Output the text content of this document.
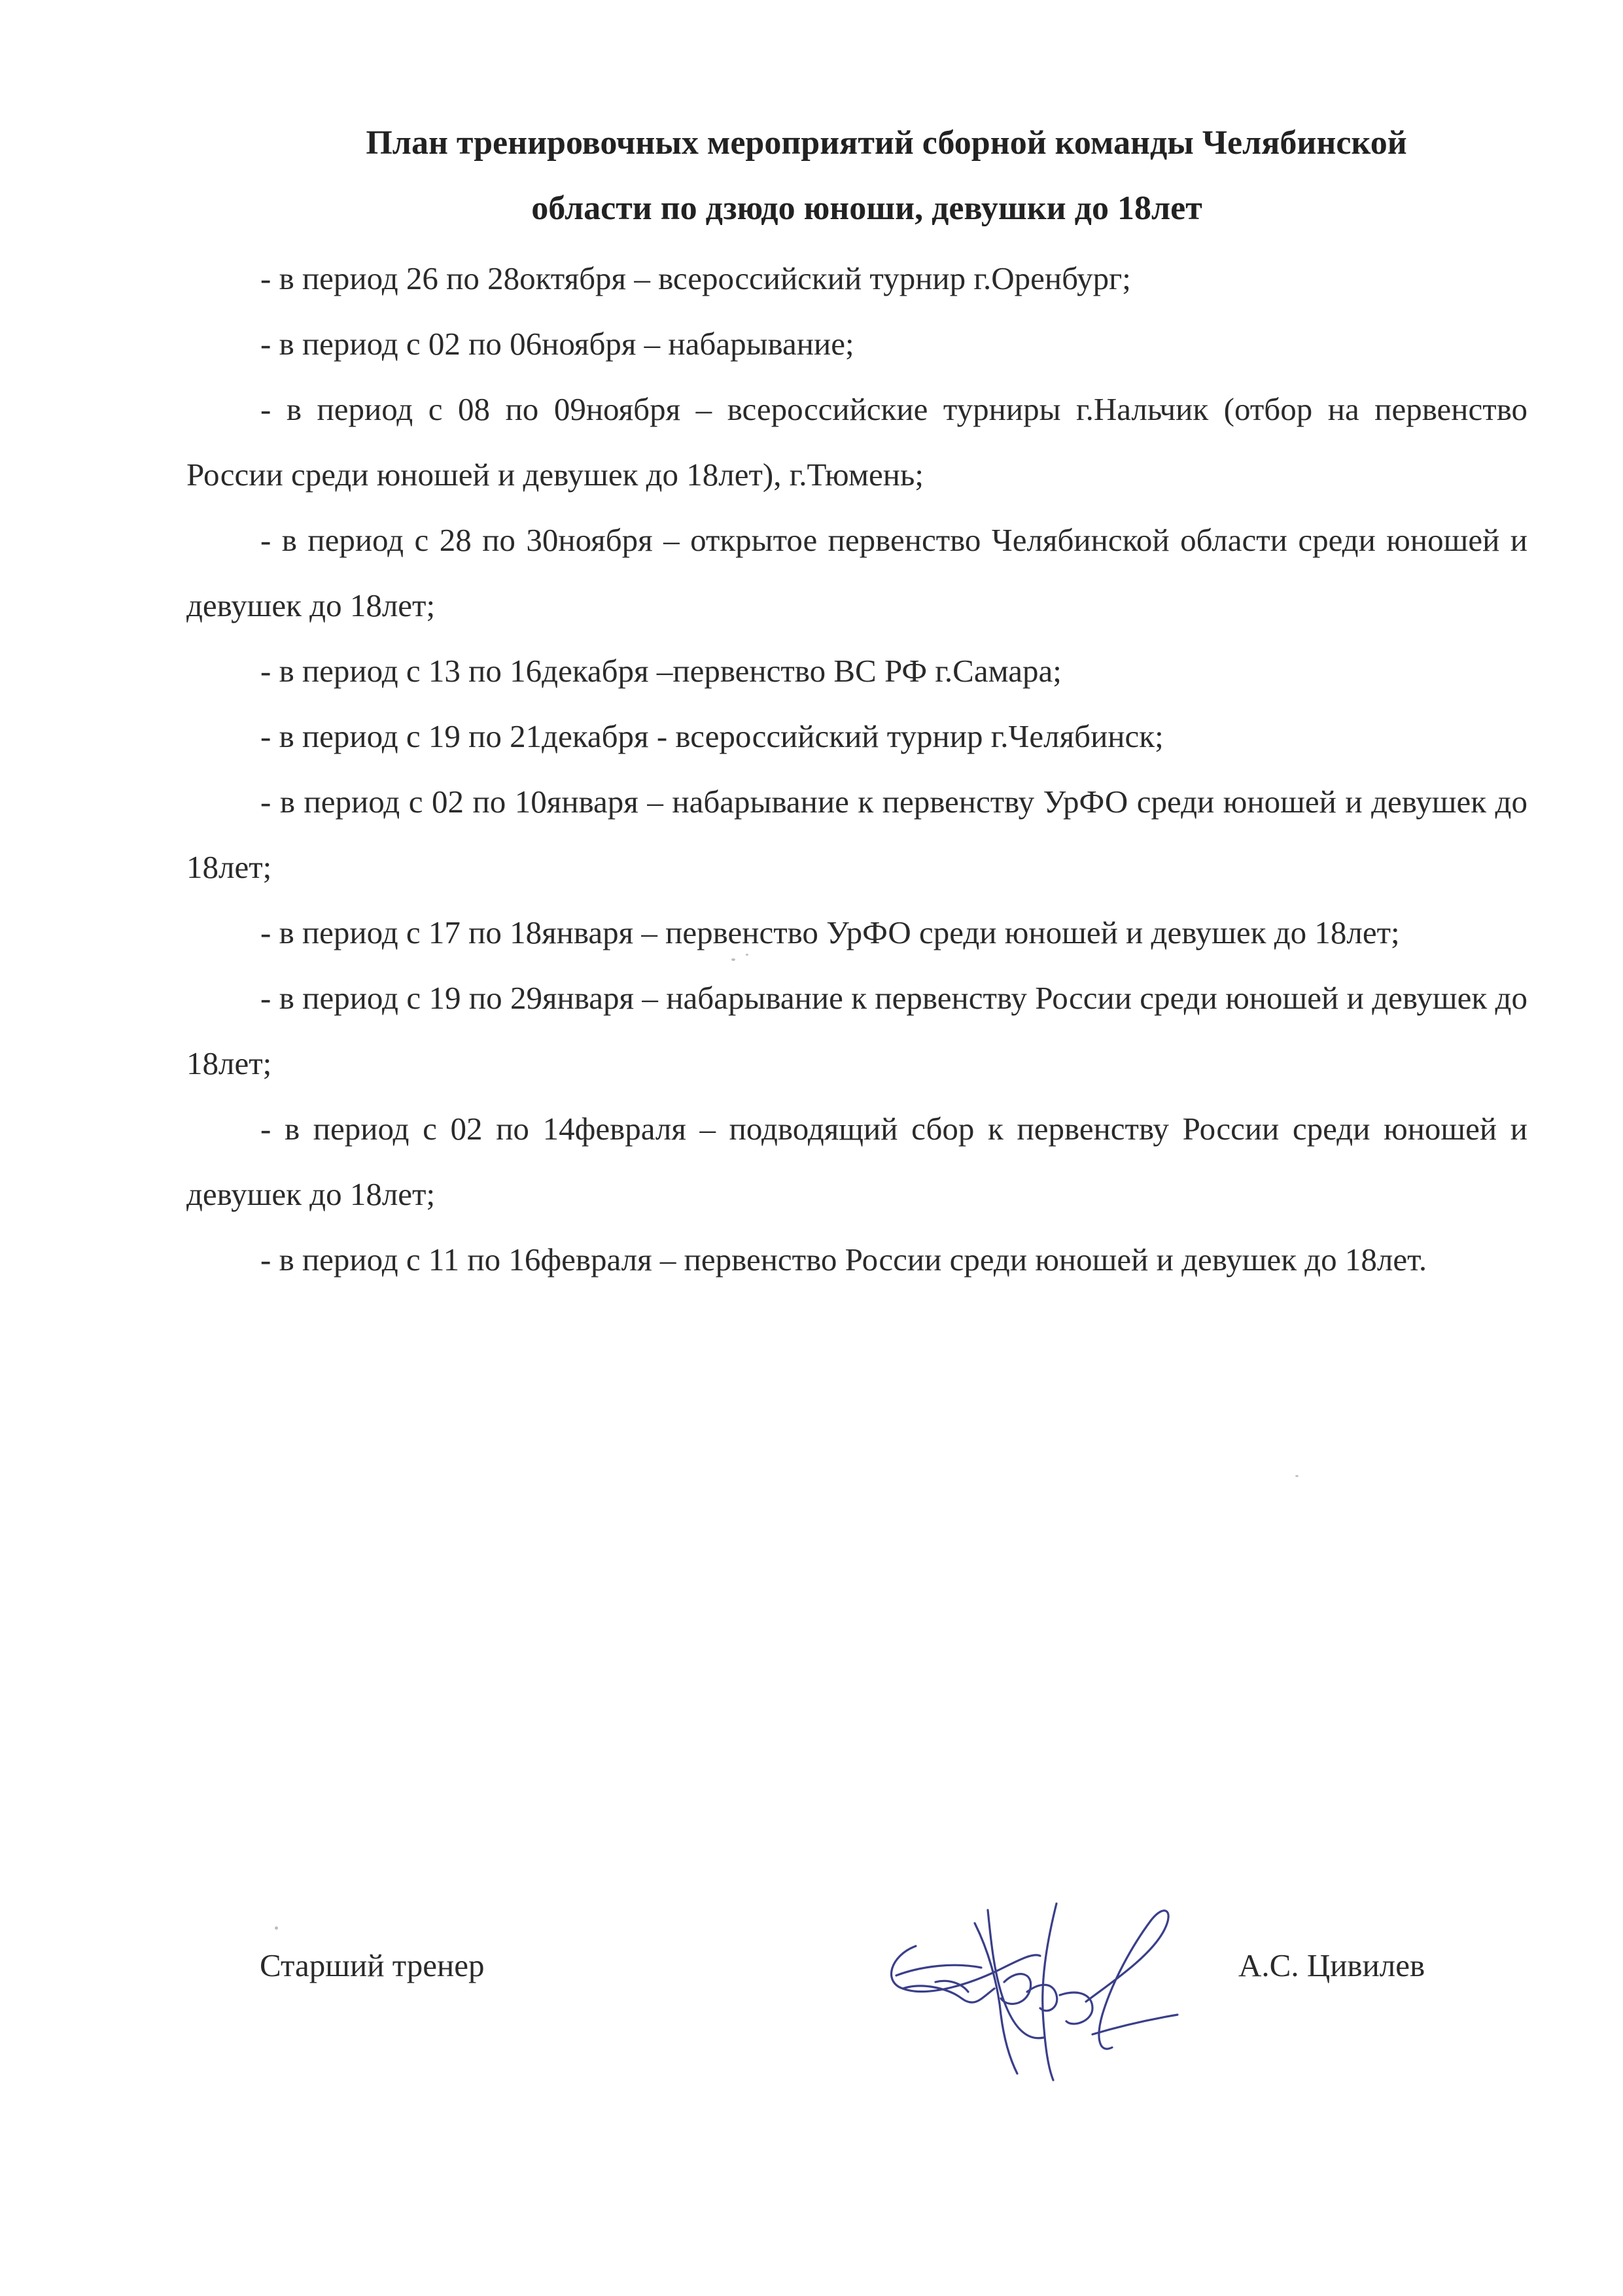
План тренировочных мероприятий сборной команды Челябинской
области по дзюдо юноши, девушки до 18лет

- в период 26 по 28октября – всероссийский турнир г.Оренбург;

- в период с 02 по 06ноября – набарывание;

- в период с 08 по 09ноября – всероссийские турниры г.Нальчик (отбор на первенство России среди юношей и девушек до 18лет), г.Тюмень;

- в период с 28 по 30ноября – открытое первенство Челябинской области среди юношей и девушек до 18лет;

- в период с 13 по 16декабря –первенство ВС РФ г.Самара;

- в период с 19 по 21декабря - всероссийский турнир г.Челябинск;

- в период с 02 по 10января – набарывание к первенству УрФО среди юношей и девушек до 18лет;

- в период с 17 по 18января – первенство УрФО среди юношей и девушек до 18лет;

- в период с 19 по 29января – набарывание к первенству России среди юношей и девушек до 18лет;

- в период с 02 по 14февраля – подводящий сбор к первенству России среди юношей и девушек до 18лет;

- в период с 11 по 16февраля – первенство России среди юношей и девушек до 18лет.

Старший тренер	А.С. Цивилев
